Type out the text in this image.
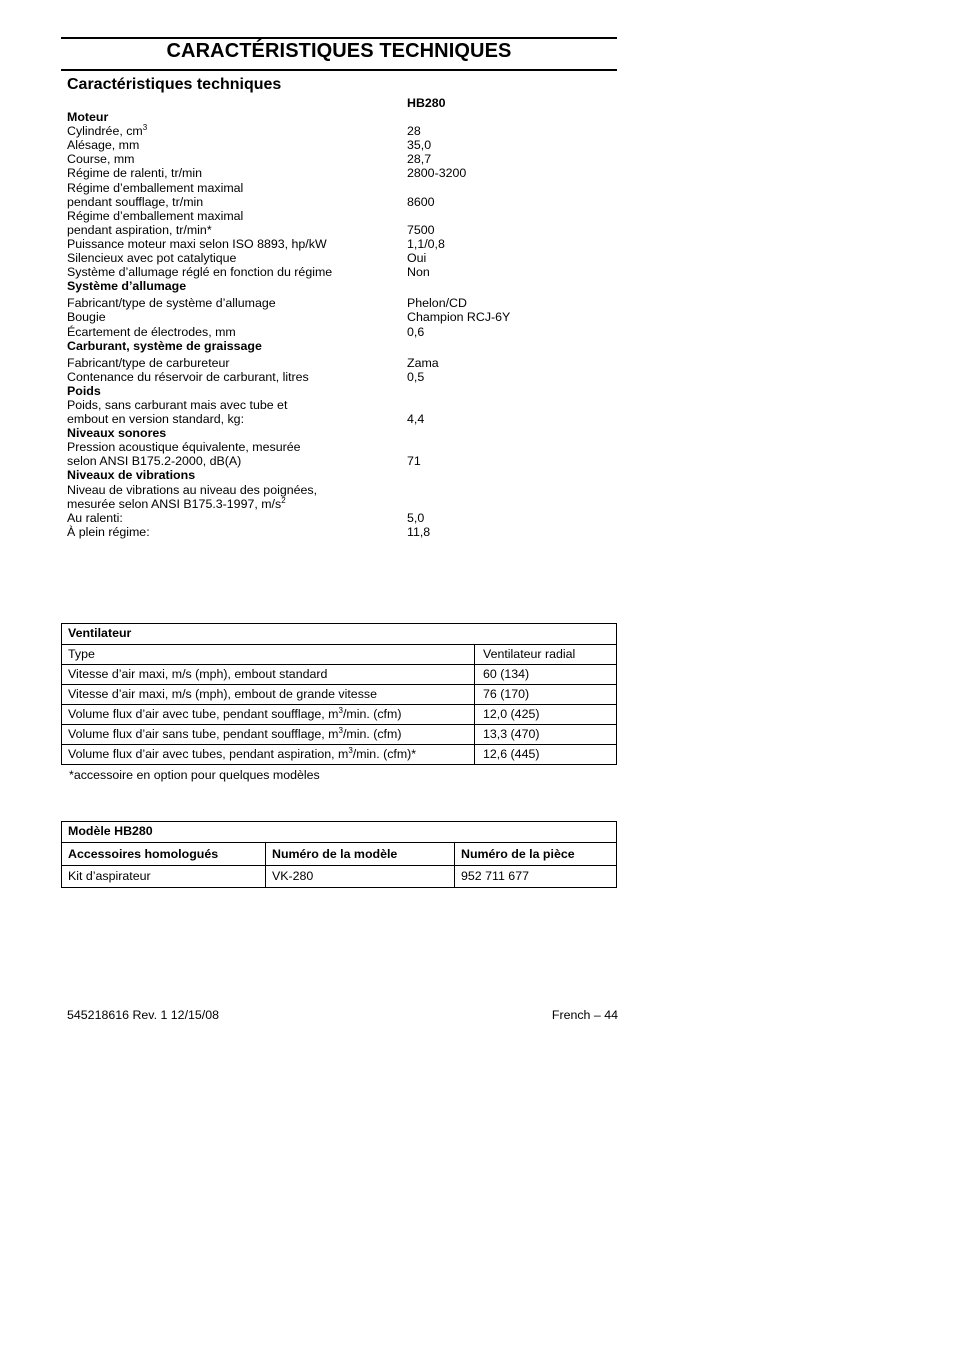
CARACTÉRISTIQUES TECHNIQUES
Caractéristiques techniques
HB280
Moteur
Cylindrée, $cm^3$	28
Alésage, mm	35,0
Course, mm	28,7
Régime de ralenti, tr/min	2800-3200
Régime d’emballement maximal
pendant soufflage, tr/min	8600
Régime d’emballement maximal
pendant aspiration, tr/min*	7500
Puissance moteur maxi selon ISO 8893, hp/kW	1,1/0,8
Silencieux avec pot catalytique	Oui
Système d’allumage réglé en fonction du régime	Non
Système d’allumage
Fabricant/type de système d’allumage	Phelon/CD
Bougie	Champion RCJ-6Y
Écartement de électrodes, mm	0,6
Carburant, système de graissage
Fabricant/type de carbureteur	Zama
Contenance du réservoir de carburant, litres	0,5
Poids
Poids, sans carburant mais avec tube et
embout en version standard, kg:	4,4
Niveaux sonores
Pression acoustique équivalente, mesurée
selon ANSI B175.2-2000, dB(A)	71
Niveaux de vibrations
Niveau de vibrations au niveau des poignées,
mesurée selon ANSI B175.3-1997, $m/s^2$
Au ralenti:	5,0
À plein régime:	11,8
Ventilateur
Type	Ventilateur radial
Vitesse d’air maxi, m/s (mph), embout standard	60 (134)
Vitesse d’air maxi, m/s (mph), embout de grande vitesse	76 (170)
Volume flux d’air avec tube, pendant soufflage, $m^3/\min$. (cfm)	12,0 (425)
Volume flux d’air sans tube, pendant soufflage, $m^3/\min$. (cfm)	13,3 (470)
Volume flux d’air avec tubes, pendant aspiration, $m^3/\min$. (cfm)*	12,6 (445)
*accessoire en option pour quelques modèles
Modèle HB280
Accessoires homologués	Numéro de la modèle	Numéro de la pièce
Kit d’aspirateur	VK-280	952 711 677
545218616 Rev. 1 12/15/08	French – 44
